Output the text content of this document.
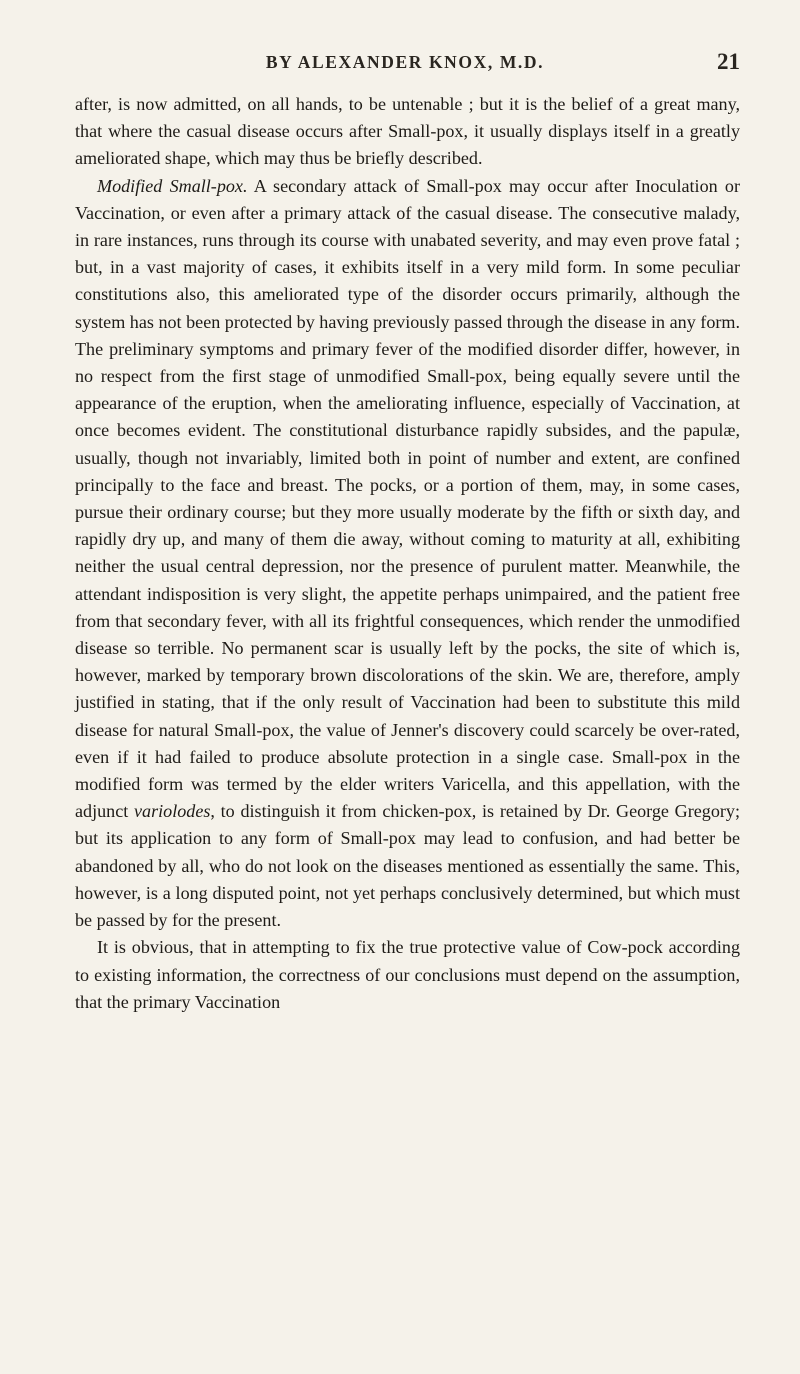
BY ALEXANDER KNOX, M.D.	21

after, is now admitted, on all hands, to be untenable ; but it is the belief of a great many, that where the casual disease occurs after Small-pox, it usually displays itself in a greatly ameliorated shape, which may thus be briefly described.

Modified Small-pox. A secondary attack of Small-pox may occur after Inoculation or Vaccination, or even after a primary attack of the casual disease. The consecutive malady, in rare instances, runs through its course with unabated severity, and may even prove fatal ; but, in a vast majority of cases, it exhibits itself in a very mild form. In some peculiar constitutions also, this ameliorated type of the disorder occurs primarily, although the system has not been protected by having previously passed through the disease in any form. The preliminary symptoms and primary fever of the modified disorder differ, however, in no respect from the first stage of unmodified Small-pox, being equally severe until the appearance of the eruption, when the ameliorating influence, especially of Vaccination, at once becomes evident. The constitutional disturbance rapidly subsides, and the papulæ, usually, though not invariably, limited both in point of number and extent, are confined principally to the face and breast. The pocks, or a portion of them, may, in some cases, pursue their ordinary course; but they more usually moderate by the fifth or sixth day, and rapidly dry up, and many of them die away, without coming to maturity at all, exhibiting neither the usual central depression, nor the presence of purulent matter. Meanwhile, the attendant indisposition is very slight, the appetite perhaps unimpaired, and the patient free from that secondary fever, with all its frightful consequences, which render the unmodified disease so terrible. No permanent scar is usually left by the pocks, the site of which is, however, marked by temporary brown discolorations of the skin. We are, therefore, amply justified in stating, that if the only result of Vaccination had been to substitute this mild disease for natural Small-pox, the value of Jenner's discovery could scarcely be over-rated, even if it had failed to produce absolute protection in a single case. Small-pox in the modified form was termed by the elder writers Varicella, and this appellation, with the adjunct variolodes, to distinguish it from chicken-pox, is retained by Dr. George Gregory; but its application to any form of Small-pox may lead to confusion, and had better be abandoned by all, who do not look on the diseases mentioned as essentially the same. This, however, is a long disputed point, not yet perhaps conclusively determined, but which must be passed by for the present.

It is obvious, that in attempting to fix the true protective value of Cow-pock according to existing information, the correctness of our conclusions must depend on the assumption, that the primary Vaccination
